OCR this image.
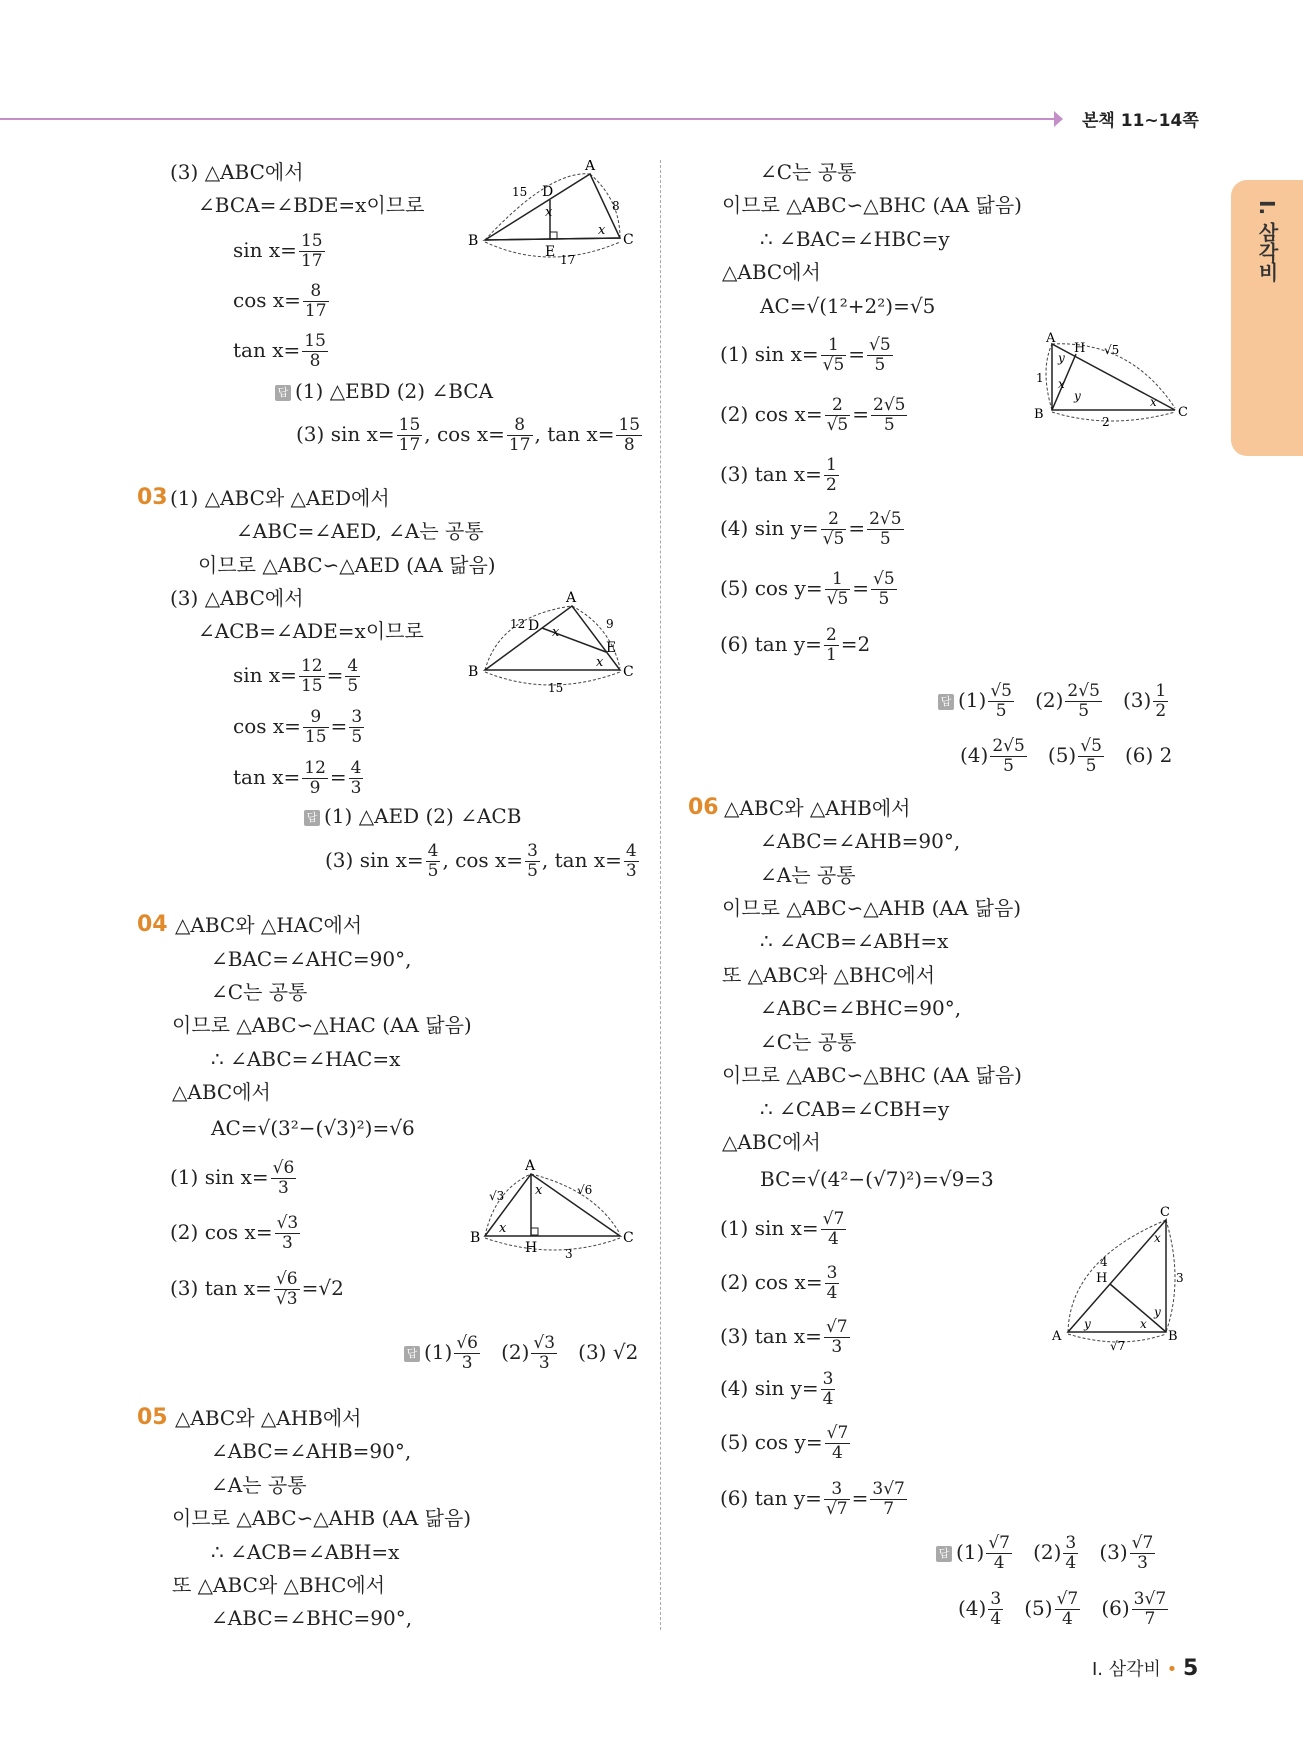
본책 11~14쪽
I. 삼각비
(3) △ABC에서
∠BCA=∠BDE=x이므로
$\sin x= \frac{15}{17}$
$\cos x= \frac{8}{17}$
$\tan x= \frac{15}{8}$
답 (1) △EBD (2) ∠BCA
(3) $\sin x= \frac{15}{17}$ , $\cos x= \frac{8}{17}$ , $\tan x= \frac{15}{8}$
A
B	C
D
E
x
x
15
8
17
03 (1) △ABC와 △AED에서
∠ABC=∠AED, ∠A는 공통
이므로 △ABC∽△AED (AA 닮음)
(3) △ABC에서
∠ACB=∠ADE=x이므로
$\sin x= \frac{12}{15} = \frac{4}{5}$
$\cos x= \frac{9}{15} = \frac{3}{5}$
$\tan x= \frac{12}{9} = \frac{4}{3}$
답 (1) △AED (2) ∠ACB
(3) $\sin x= \frac{4}{5}$ , $\cos x= \frac{3}{5}$ , $\tan x= \frac{4}{3}$
A
B	C
D
E
x
x
12	9
15
04 △ABC와 △HAC에서
∠BAC=∠AHC=90°,
∠C는 공통
이므로 △ABC∽△HAC (AA 닮음)
∴ ∠ABC=∠HAC=x
△ABC에서
AC=√(3²−(√3)²)=√6
(1) $\sin x= \frac{√6}{3}$
(2) $\cos x= \frac{√3}{3}$
(3) $\tan x= \frac{√6}{√3} =√2$
답 $(1) \frac{√6}{3} (2) \frac{√3}{3} (3)$ √2
A
B	C
H
x
x
√3	√6
3
05 △ABC와 △AHB에서
∠ABC=∠AHB=90°,
∠A는 공통
이므로 △ABC∽△AHB (AA 닮음)
∴ ∠ACB=∠ABH=x
또 △ABC와 △BHC에서
∠ABC=∠BHC=90°,
∠C는 공통
이므로 △ABC∽△BHC (AA 닮음)
∴ ∠BAC=∠HBC=y
△ABC에서
AC=√(1²+2²)=√5
(1) $\sin x= \frac{1}{√5} = \frac{√5}{5}$
(2) $\cos x= \frac{2}{√5} = \frac{2√5}{5}$
(3) $\tan x= \frac{1}{2}$
(4) $\sin y= \frac{2}{√5} = \frac{2√5}{5}$
(5) $\cos y= \frac{1}{√5} = \frac{√5}{5}$
(6) $\tan y= \frac{2}{1} =2$
답 $(1) \frac{√5}{5} (2) \frac{2√5}{5} (3) \frac{1}{2}$
$(4) \frac{2√5}{5} (5) \frac{√5}{5} (6)$ 2
A
B	C
H
y
y
x
x
1
2
√5
06 △ABC와 △AHB에서
∠ABC=∠AHB=90°,
∠A는 공통
이므로 △ABC∽△AHB (AA 닮음)
∴ ∠ACB=∠ABH=x
또 △ABC와 △BHC에서
∠ABC=∠BHC=90°,
∠C는 공통
이므로 △ABC∽△BHC (AA 닮음)
∴ ∠CAB=∠CBH=y
△ABC에서
BC=√(4²−(√7)²)=√9=3
(1) $\sin x= \frac{√7}{4}$
(2) $\cos x= \frac{3}{4}$
(3) $\tan x= \frac{√7}{3}$
(4) $\sin y= \frac{3}{4}$
(5) $\cos y= \frac{√7}{4}$
(6) $\tan y= \frac{3}{√7} = \frac{3√7}{7}$
답 $(1) \frac{√7}{4} (2) \frac{3}{4} (3) \frac{√7}{3}$
$(4) \frac{3}{4} (5) \frac{√7}{4} (6) \frac{3√7}{7}$
C
A	B
H
x
x
y
y
4
3
√7
I. 삼각비 • 5
